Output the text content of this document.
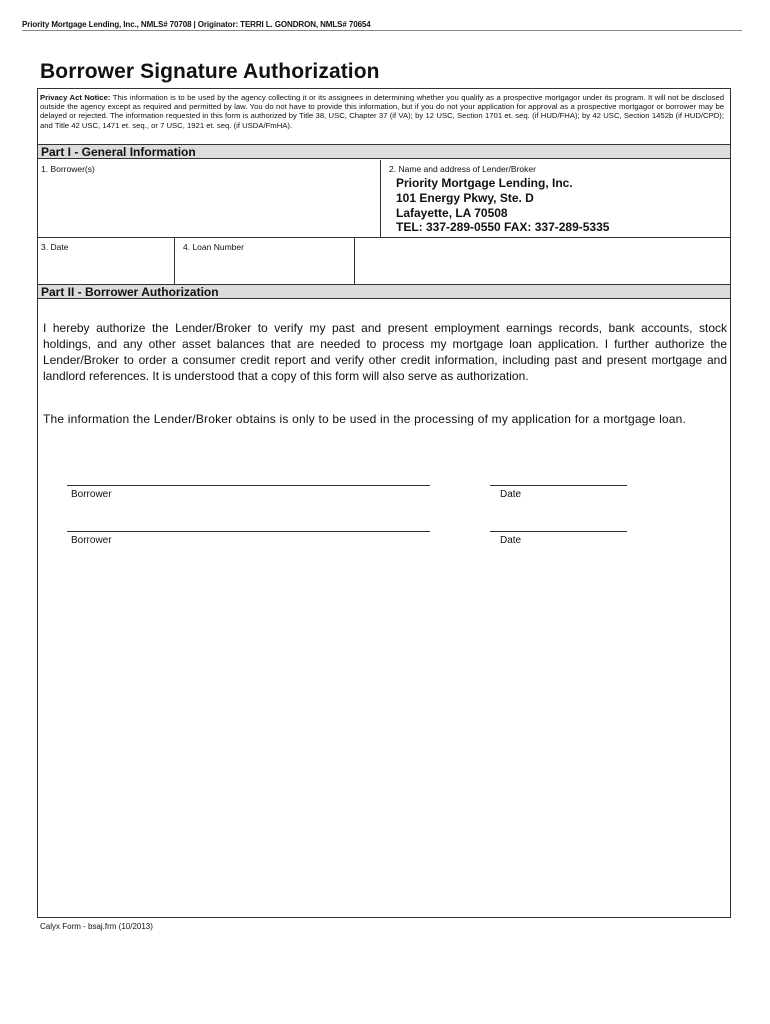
Priority Mortgage Lending, Inc., NMLS# 70708 | Originator: TERRI L. GONDRON, NMLS# 70654
Borrower Signature Authorization
Privacy Act Notice: This information is to be used by the agency collecting it or its assignees in determining whether you qualify as a prospective mortgagor under its program. It will not be disclosed outside the agency except as required and permitted by law. You do not have to provide this information, but if you do not your application for approval as a prospective mortgagor or borrower may be delayed or rejected. The information requested in this form is authorized by Title 38, USC, Chapter 37 (if VA); by 12 USC, Section 1701 et. seq. (if HUD/FHA); by 42 USC, Section 1452b (if HUD/CPD); and Title 42 USC, 1471 et. seq., or 7 USC, 1921 et. seq. (if USDA/FmHA).
Part I - General Information
1. Borrower(s)	2. Name and address of Lender/Broker
Priority Mortgage Lending, Inc.
101 Energy Pkwy, Ste. D
Lafayette, LA 70508
TEL: 337-289-0550 FAX: 337-289-5335
3. Date	4. Loan Number
Part II - Borrower Authorization
I hereby authorize the Lender/Broker to verify my past and present employment earnings records, bank accounts, stock holdings, and any other asset balances that are needed to process my mortgage loan application. I further authorize the Lender/Broker to order a consumer credit report and verify other credit information, including past and present mortgage and landlord references. It is understood that a copy of this form will also serve as authorization.
The information the Lender/Broker obtains is only to be used in the processing of my application for a mortgage loan.
Borrower	Date
Borrower	Date
Calyx Form - bsaj.frm (10/2013)
